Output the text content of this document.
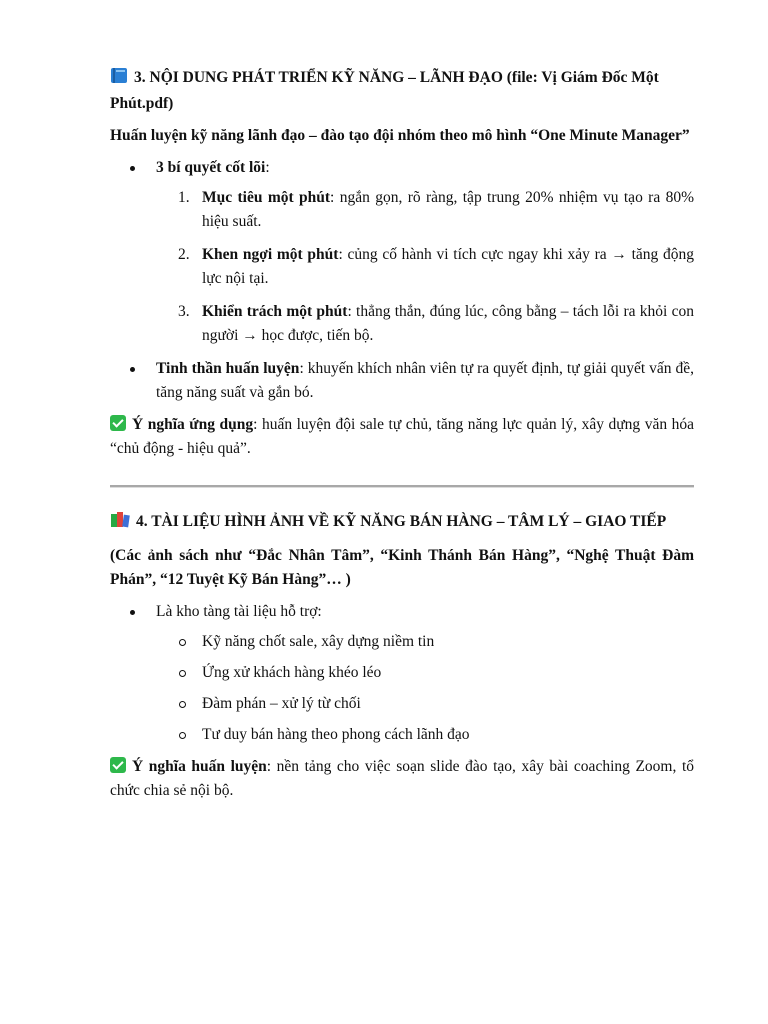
3. NỘI DUNG PHÁT TRIỂN KỸ NĂNG – LÃNH ĐẠO (file: Vị Giám Đốc Một Phút.pdf)

Huấn luyện kỹ năng lãnh đạo – đào tạo đội nhóm theo mô hình “One Minute Manager”

3 bí quyết cốt lõi:
1. Mục tiêu một phút: ngắn gọn, rõ ràng, tập trung 20% nhiệm vụ tạo ra 80% hiệu suất.
2. Khen ngợi một phút: củng cố hành vi tích cực ngay khi xảy ra → tăng động lực nội tại.
3. Khiển trách một phút: thẳng thắn, đúng lúc, công bằng – tách lỗi ra khỏi con người → học được, tiến bộ.
Tinh thần huấn luyện: khuyến khích nhân viên tự ra quyết định, tự giải quyết vấn đề, tăng năng suất và gắn bó.

Ý nghĩa ứng dụng: huấn luyện đội sale tự chủ, tăng năng lực quản lý, xây dựng văn hóa “chủ động - hiệu quả”.

4. TÀI LIỆU HÌNH ẢNH VỀ KỸ NĂNG BÁN HÀNG – TÂM LÝ – GIAO TIẾP

(Các ảnh sách như “Đắc Nhân Tâm”, “Kinh Thánh Bán Hàng”, “Nghệ Thuật Đàm Phán”, “12 Tuyệt Kỹ Bán Hàng”… )

Là kho tàng tài liệu hỗ trợ:
Kỹ năng chốt sale, xây dựng niềm tin
Ứng xử khách hàng khéo léo
Đàm phán – xử lý từ chối
Tư duy bán hàng theo phong cách lãnh đạo

Ý nghĩa huấn luyện: nền tảng cho việc soạn slide đào tạo, xây bài coaching Zoom, tổ chức chia sẻ nội bộ.
